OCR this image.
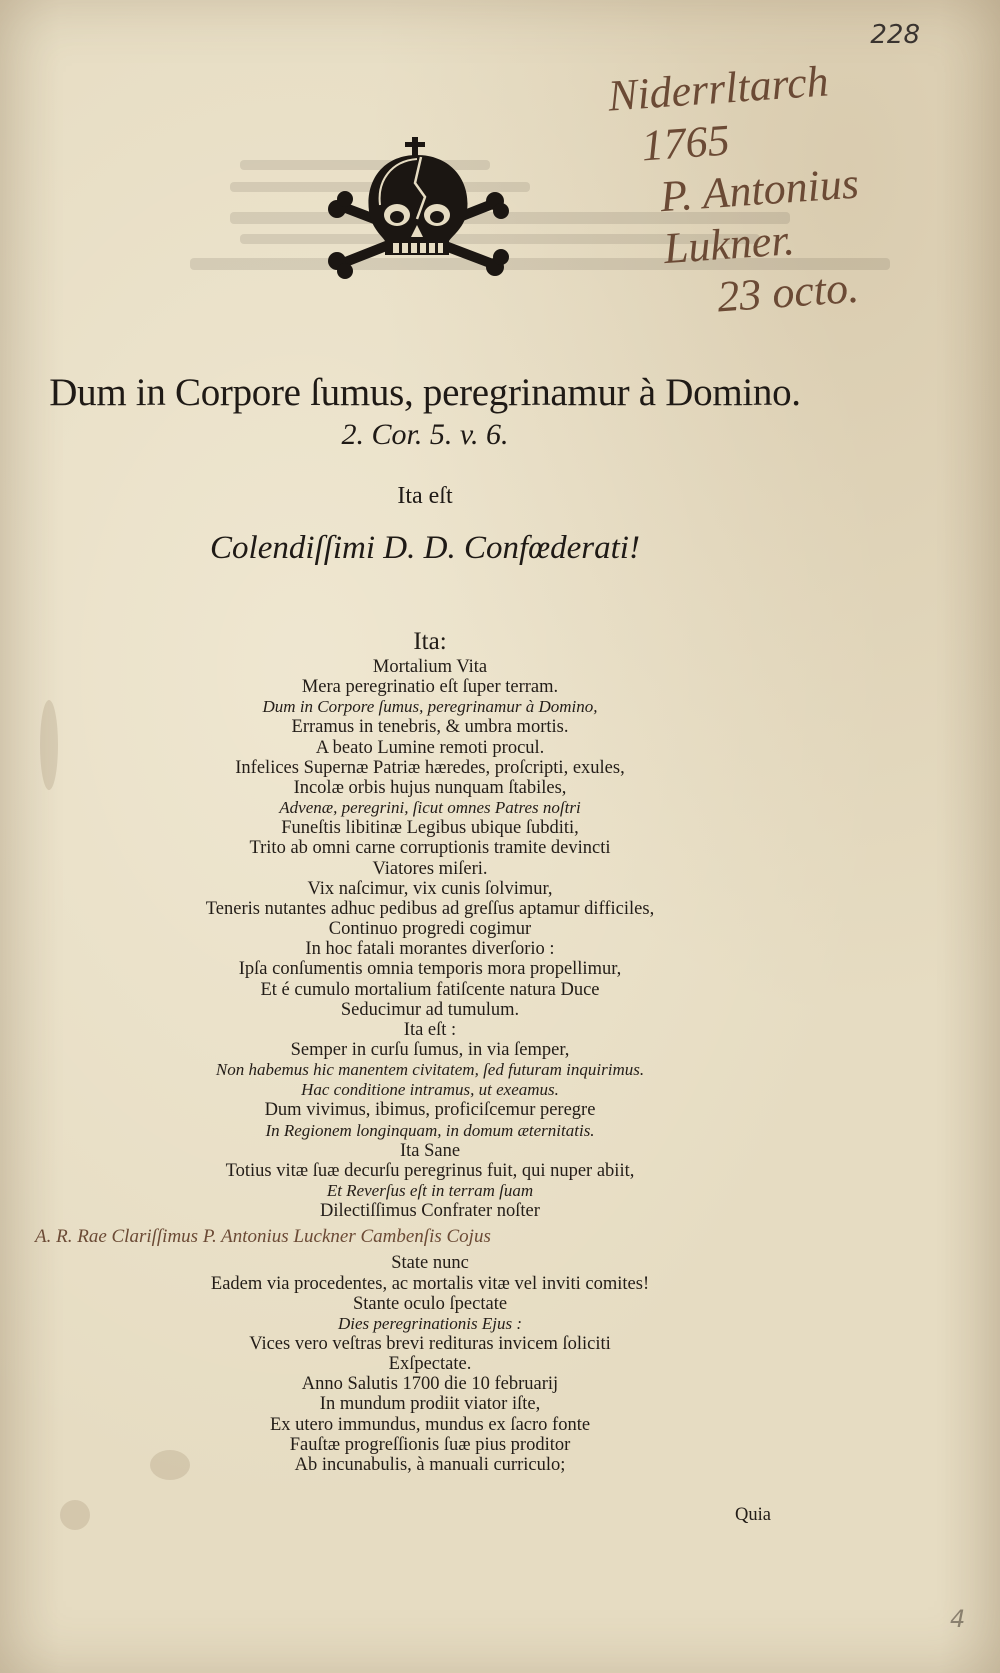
228
Niderrltarch
1765
P. Antonius
Lukner.
23 octo.
Dum in Corpore ſumus, peregrinamur à Domino.
2. Cor. 5. v. 6.
Ita eſt
Colendiſſimi D. D. Confœderati!
Ita:
Mortalium Vita
Mera peregrinatio eſt ſuper terram.
Dum in Corpore ſumus, peregrinamur à Domino,
Erramus in tenebris, & umbra mortis.
A beato Lumine remoti procul.
Infelices Supernæ Patriæ hæredes, proſcripti, exules,
Incolæ orbis hujus nunquam ſtabiles,
Advenæ, peregrini, ſicut omnes Patres noſtri
Funeſtis libitinæ Legibus ubique ſubditi,
Trito ab omni carne corruptionis tramite devincti
Viatores miſeri.
Vix naſcimur, vix cunis ſolvimur,
Teneris nutantes adhuc pedibus ad greſſus aptamur difficiles,
Continuo progredi cogimur
In hoc fatali morantes diverſorio :
Ipſa conſumentis omnia temporis mora propellimur,
Et é cumulo mortalium fatiſcente natura Duce
Seducimur ad tumulum.
Ita eſt :
Semper in curſu ſumus, in via ſemper,
Non habemus hic manentem civitatem, ſed futuram inquirimus.
Hac conditione intramus, ut exeamus.
Dum vivimus, ibimus, proficiſcemur peregre
In Regionem longinquam, in domum æternitatis.
Ita Sane
Totius vitæ ſuæ decurſu peregrinus fuit, qui nuper abiit,
Et Reverſus eſt in terram ſuam
Dilectiſſimus Confrater noſter
A. R. Rae Clariſſimus P. Antonius Luckner Cambenſis Cojus
State nunc
Eadem via procedentes, ac mortalis vitæ vel inviti comites!
Stante oculo ſpectate
Dies peregrinationis Ejus :
Vices vero veſtras brevi redituras invicem ſoliciti
Exſpectate.
Anno Salutis 1700 die 10 februarij
In mundum prodiit viator iſte,
Ex utero immundus, mundus ex ſacro fonte
Fauſtæ progreſſionis ſuæ pius proditor
Ab incunabulis, à manuali curriculo;
Quia
4
